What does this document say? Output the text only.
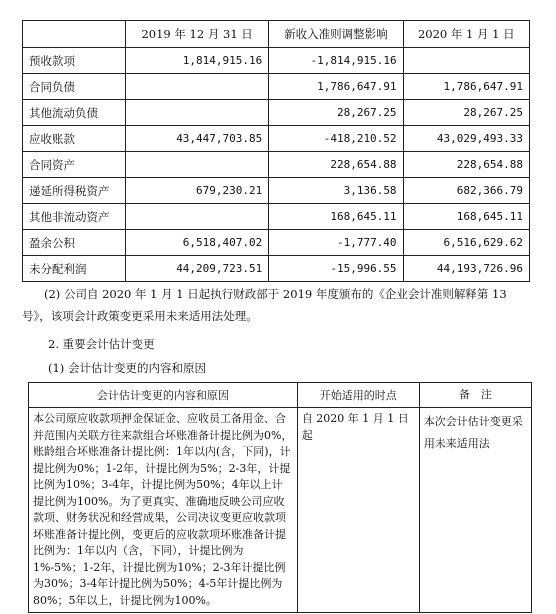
	2019 年 12 月 31 日	新收入准则调整影响	2020 年 1 月 1 日
预收款项	1,814,915.16	-1,814,915.16	
合同负债		1,786,647.91	1,786,647.91
其他流动负债		28,267.25	28,267.25
应收账款	43,447,703.85	-418,210.52	43,029,493.33
合同资产		228,654.88	228,654.88
递延所得税资产	679,230.21	3,136.58	682,366.79
其他非流动资产		168,645.11	168,645.11
盈余公积	6,518,407.02	-1,777.40	6,516,629.62
未分配利润	44,209,723.51	-15,996.55	44,193,726.96
(2) 公司自 2020 年 1 月 1 日起执行财政部于 2019 年度颁布的《企业会计准则解释第 13 号》，该项会计政策变更采用未来适用法处理。
2. 重要会计估计变更
(1) 会计估计变更的内容和原因
会计估计变更的内容和原因	开始适用的时点	备　注
本公司原应收款项押金保证金、应收员工备用金、合并范围内关联方往来款组合坏账准备计提比例为0%，账龄组合坏账准备计提比例：1年以内(含，下同)，计提比例为0%；1-2年，计提比例为5%；2-3年，计提比例为10%；3-4年，计提比例为50%；4年以上计提比例为100%。为了更真实、准确地反映公司应收款项、财务状况和经营成果，公司决议变更应收款项坏账准备计提比例，变更后的应收款项坏账准备计提比例为：1年以内（含，下同），计提比例为1%-5%；1-2年，计提比例为10%；2-3年计提比例为30%；3-4年计提比例为50%；4-5年计提比例为80%；5年以上，计提比例为100%。	自 2020 年 1 月 1 日起	本次会计估计变更采用未来适用法
